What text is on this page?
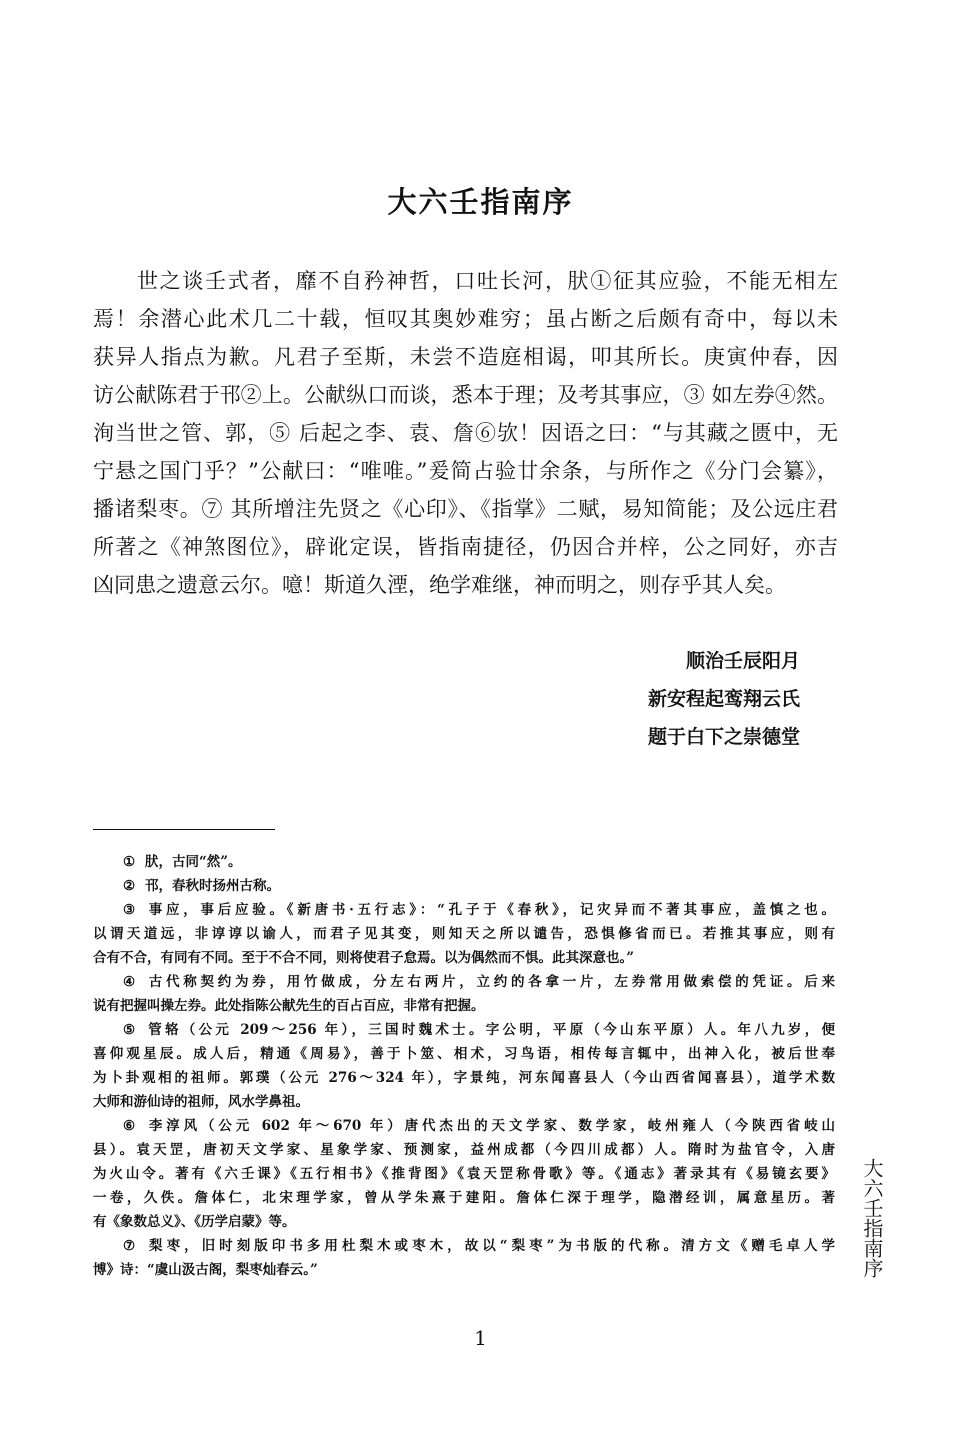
大六壬指南序
世之谈壬式者，靡不自矜神哲，口吐长河，肰①征其应验，不能无相左
焉！余潜心此术几二十载，恒叹其奥妙难穷；虽占断之后颇有奇中，每以未
获异人指点为歉。凡君子至斯，未尝不造庭相谒，叩其所长。庚寅仲春，因
访公献陈君于邗②上。公献纵口而谈，悉本于理；及考其事应，③ 如左券④然。
洵当世之管、郭，⑤ 后起之李、袁、詹⑥欤！因语之曰：“与其藏之匮中，无
宁悬之国门乎？”公献曰：“唯唯。”爰简占验廿余条，与所作之《分门会纂》，
播诸梨枣。⑦ 其所增注先贤之《心印》、《指掌》二赋，易知简能；及公远庄君
所著之《神煞图位》，辟讹定误，皆指南捷径，仍因合并梓，公之同好，亦吉
凶同患之遗意云尔。噫！斯道久湮，绝学难继，神而明之，则存乎其人矣。
顺治壬辰阳月
新安程起鸾翔云氏
题于白下之崇德堂
① 肰，古同“然”。
② 邗，春秋时扬州古称。
③ 事应，事后应验。《新唐书·五行志》：“孔子于《春秋》，记灾异而不著其事应，盖慎之也。
以谓天道远，非谆谆以谕人，而君子见其变，则知天之所以谴告，恐惧修省而已。若推其事应，则有
合有不合，有同有不同。至于不合不同，则将使君子怠焉。以为偶然而不惧。此其深意也。”
④ 古代称契约为券，用竹做成，分左右两片，立约的各拿一片，左券常用做索偿的凭证。后来
说有把握叫操左券。此处指陈公献先生的百占百应，非常有把握。
⑤ 管辂（公元 209～256 年），三国时魏术士。字公明，平原（今山东平原）人。年八九岁，便
喜仰观星辰。成人后，精通《周易》，善于卜筮、相术，习鸟语，相传每言辄中，出神入化，被后世奉
为卜卦观相的祖师。郭璞（公元 276～324 年），字景纯，河东闻喜县人（今山西省闻喜县），道学术数
大师和游仙诗的祖师，风水学鼻祖。
⑥ 李淳风（公元 602 年～670 年）唐代杰出的天文学家、数学家，岐州雍人（今陕西省岐山
县）。袁天罡，唐初天文学家、星象学家、预测家，益州成都（今四川成都）人。隋时为盐官令，入唐
为火山令。著有《六壬课》《五行相书》《推背图》《袁天罡称骨歌》等。《通志》著录其有《易镜玄要》
一卷，久佚。詹体仁，北宋理学家，曾从学朱熹于建阳。詹体仁深于理学，隐潜经训，属意星历。著
有《象数总义》、《历学启蒙》等。
⑦ 梨枣，旧时刻版印书多用杜梨木或枣木，故以“梨枣”为书版的代称。清方文《赠毛卓人学
博》诗：“虞山汲古阁，梨枣灿春云。”	大六壬指南序
1
